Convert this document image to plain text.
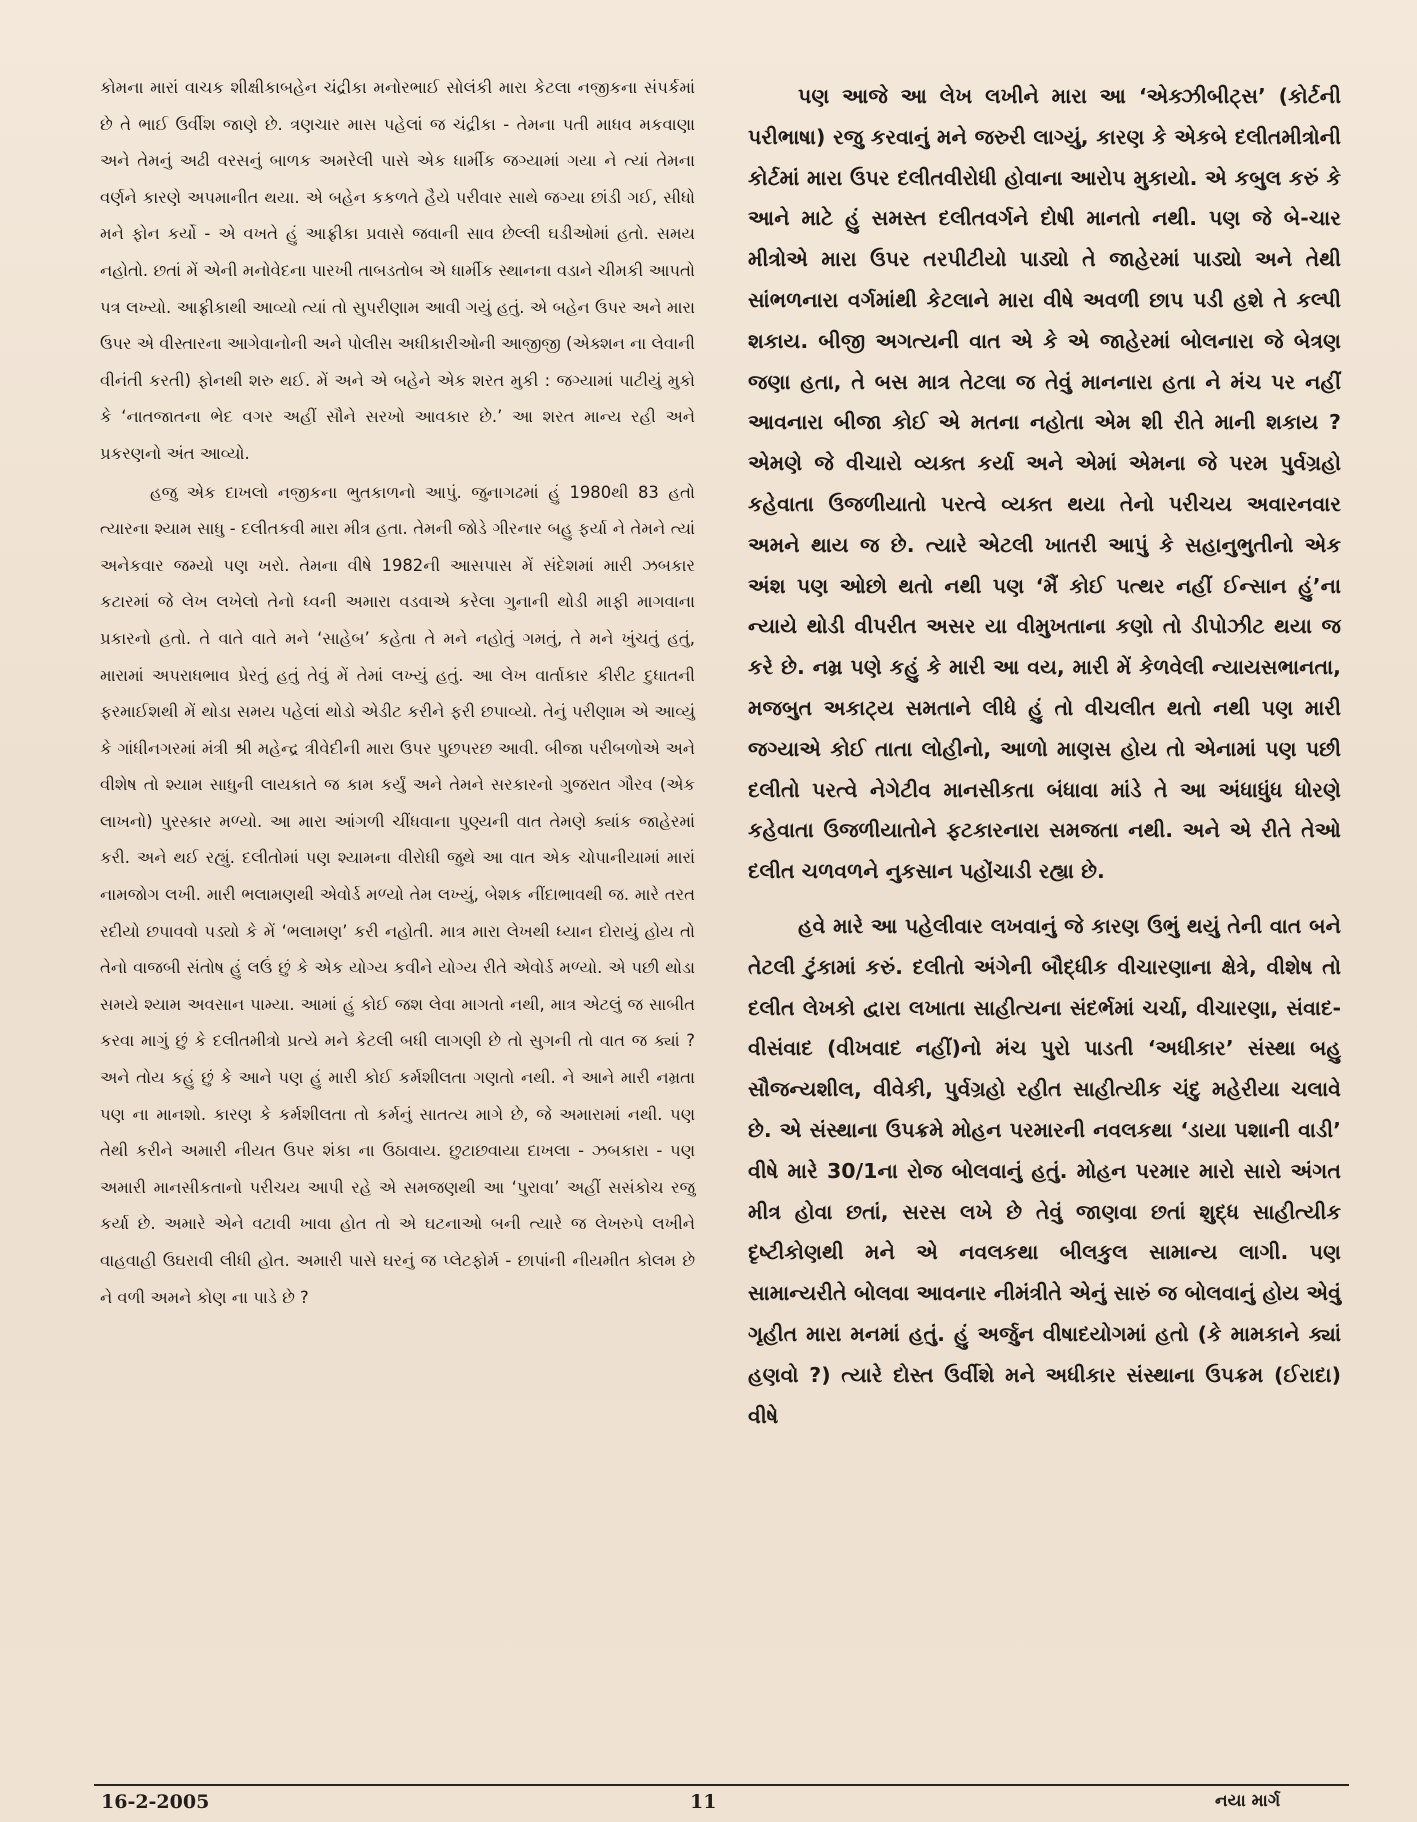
કોમના મારાં વાચક શીક્ષીકાબહેન ચંદ્રીકા મનોરભાઈ સોલંકી મારા કેટલા નજીકના સંપર્કમાં છે તે ભાઈ ઉર્વીશ જાણે છે. ત્રણચાર માસ પહેલાં જ ચંદ્રીકા - તેમના પતી માધવ મકવાણા અને તેમનું અઢી વરસનું બાળક અમરેલી પાસે એક ધાર્મીક જગ્યામાં ગયા ને ત્યાં તેમના વર્ણને કારણે અપમાનીત થયા. એ બહેન કકળતે હૈયે પરીવાર સાથે જગ્યા છાંડી ગઈ, સીધો મને ફોન કર્યો - એ વખતે હું આફ્રીકા પ્રવાસે જવાની સાવ છેલ્લી ઘડીઓમાં હતો. સમય નહોતો. છતાં મેં એની મનોવેદના પારખી તાબડતોબ એ ધાર્મીક સ્થાનના વડાને ચીમકી આપતો પત્ર લખ્યો. આફ્રીકાથી આવ્યો ત્યાં તો સુપરીણામ આવી ગયું હતું. એ બહેન ઉપર અને મારા ઉપર એ વીસ્તારના આગેવાનોની અને પોલીસ અધીકારીઓની આજીજી (એક્શન ના લેવાની વીનંતી કરતી) ફોનથી શરુ થઈ. મેં અને એ બહેને એક શરત મુકી : જગ્યામાં પાટીયું મુકો કે ‘નાતજાતના ભેદ વગર અહીં સૌને સરખો આવકાર છે.’ આ શરત માન્ય રહી અને પ્રકરણનો અંત આવ્યો.

હજુ એક દાખલો નજીકના ભુતકાળનો આપું. જુનાગઢમાં હું 1980થી 83 હતો ત્યારના શ્યામ સાધુ - દલીતકવી મારા મીત્ર હતા. તેમની જોડે ગીરનાર બહુ ફર્યા ને તેમને ત્યાં અનેકવાર જમ્યો પણ ખરો. તેમના વીષે 1982ની આસપાસ મેં સંદેશમાં મારી ઝબકાર કટારમાં જે લેખ લખેલો તેનો ધ્વની અમારા વડવાએ કરેલા ગુનાની થોડી માફી માગવાના પ્રકારનો હતો. તે વાતે વાતે મને ‘સાહેબ’ કહેતા તે મને નહોતું ગમતું, તે મને ખુંચતું હતું, મારામાં અપરાધભાવ પ્રેરતું હતું તેવું મેં તેમાં લખ્યું હતું. આ લેખ વાર્તાકાર કીરીટ દુધાતની ફરમાઈશથી મેં થોડા સમય પહેલાં થોડો એડીટ કરીને ફરી છપાવ્યો. તેનું પરીણામ એ આવ્યું કે ગાંધીનગરમાં મંત્રી શ્રી મહેન્દ્ર ત્રીવેદીની મારા ઉપર પુછપરછ આવી. બીજા પરીબળોએ અને વીશેષ તો શ્યામ સાધુની લાયકાતે જ કામ કર્યું અને તેમને સરકારનો ગુજરાત ગૌરવ (એક લાખનો) પુરસ્કાર મળ્યો. આ મારા આંગળી ચીંધવાના પુણ્યની વાત તેમણે ક્યાંક જાહેરમાં કરી. અને થઈ રહ્યું. દલીતોમાં પણ શ્યામના વીરોધી જુથે આ વાત એક ચોપાનીયામાં મારાં નામજોગ લખી. મારી ભલામણથી એવોર્ડ મળ્યો તેમ લખ્યું, બેશક નીંદાભાવથી જ. મારે તરત રદીયો છપાવવો પડ્યો કે મેં ‘ભલામણ’ કરી નહોતી. માત્ર મારા લેખથી ધ્યાન દોરાયું હોય તો તેનો વાજબી સંતોષ હું લઉં છું કે એક યોગ્ય કવીને યોગ્ય રીતે એવોર્ડ મળ્યો. એ પછી થોડા સમયે શ્યામ અવસાન પામ્યા. આમાં હું કોઈ જશ લેવા માગતો નથી, માત્ર એટલું જ સાબીત કરવા માગું છું કે દલીતમીત્રો પ્રત્યે મને કેટલી બધી લાગણી છે તો સુગની તો વાત જ ક્યાં ? અને તોય કહું છું કે આને પણ હું મારી કોઈ કર્મશીલતા ગણતો નથી. ને આને મારી નમ્રતા પણ ના માનશો. કારણ કે કર્મશીલતા તો કર્મનું સાતત્ય માગે છે, જે અમારામાં નથી. પણ તેથી કરીને અમારી નીયત ઉપર શંકા ના ઉઠાવાય. છુટાછવાયા દાખલા - ઝબકારા - પણ અમારી માનસીકતાનો પરીચય આપી રહે એ સમજણથી આ ‘પુરાવા’ અહીં સસંકોચ રજુ કર્યા છે. અમારે એને વટાવી ખાવા હોત તો એ ઘટનાઓ બની ત્યારે જ લેખરુપે લખીને વાહવાહી ઉઘરાવી લીધી હોત. અમારી પાસે ઘરનું જ પ્લેટફોર્મ - છાપાંની નીયમીત કોલમ છે ને વળી અમને કોણ ના પાડે છે ?

પણ આજે આ લેખ લખીને મારા આ ‘એક્ઝીબીટ્સ’ (કોર્ટની પરીભાષા) રજુ કરવાનું મને જરુરી લાગ્યું, કારણ કે એકબે દલીતમીત્રોની કોર્ટમાં મારા ઉપર દલીતવીરોધી હોવાના આરોપ મુકાયો. એ કબુલ કરું કે આને માટે હું સમસ્ત દલીતવર્ગને દોષી માનતો નથી. પણ જે બે-ચાર મીત્રોએ મારા ઉપર તરપીટીયો પાડ્યો તે જાહેરમાં પાડ્યો અને તેથી સાંભળનારા વર્ગમાંથી કેટલાને મારા વીષે અવળી છાપ પડી હશે તે કલ્પી શકાય. બીજી અગત્યની વાત એ કે એ જાહેરમાં બોલનારા જે બેત્રણ જણા હતા, તે બસ માત્ર તેટલા જ તેવું માનનારા હતા ને મંચ પર નહીં આવનારા બીજા કોઈ એ મતના નહોતા એમ શી રીતે માની શકાય ? એમણે જે વીચારો વ્યક્ત કર્યા અને એમાં એમના જે પરમ પુર્વગ્રહો કહેવાતા ઉજળીયાતો પરત્વે વ્યક્ત થયા તેનો પરીચય અવારનવાર અમને થાય જ છે. ત્યારે એટલી ખાતરી આપું કે સહાનુભુતીનો એક અંશ પણ ઓછો થતો નથી પણ ‘મૈં કોઈ પત્થર નહીં ઈન્સાન હું’ના ન્યાયે થોડી વીપરીત અસર યા વીમુખતાના કણો તો ડીપોઝીટ થયા જ કરે છે. નમ્ર પણે કહું કે મારી આ વય, મારી મેં કેળવેલી ન્યાયસભાનતા, મજબુત અકાટ્ય સમતાને લીધે હું તો વીચલીત થતો નથી પણ મારી જગ્યાએ કોઈ તાતા લોહીનો, આળો માણસ હોય તો એનામાં પણ પછી દલીતો પરત્વે નેગેટીવ માનસીકતા બંધાવા માંડે તે આ અંધાધુંધ ધોરણે કહેવાતા ઉજળીયાતોને ફટકારનારા સમજતા નથી. અને એ રીતે તેઓ દલીત ચળવળને નુકસાન પહોંચાડી રહ્યા છે.

હવે મારે આ પહેલીવાર લખવાનું જે કારણ ઉભું થયું તેની વાત બને તેટલી ટુંકામાં કરું. દલીતો અંગેની બૌદ્ધીક વીચારણાના ક્ષેત્રે, વીશેષ તો દલીત લેખકો દ્વારા લખાતા સાહીત્યના સંદર્ભમાં ચર્ચા, વીચારણા, સંવાદ-વીસંવાદ (વીખવાદ નહીં)નો મંચ પુરો પાડતી ‘અધીકાર’ સંસ્થા બહુ સૌજન્યશીલ, વીવેકી, પુર્વગ્રહો રહીત સાહીત્યીક ચંદુ મહેરીયા ચલાવે છે. એ સંસ્થાના ઉપક્રમે મોહન પરમારની નવલકથા ‘ડાયા પશાની વાડી’ વીષે મારે 30/1ના રોજ બોલવાનું હતું. મોહન પરમાર મારો સારો અંગત મીત્ર હોવા છતાં, સરસ લખે છે તેવું જાણવા છતાં શુદ્ધ સાહીત્યીક દૃષ્ટીકોણથી મને એ નવલકથા બીલકુલ સામાન્ય લાગી. પણ સામાન્યરીતે બોલવા આવનાર નીમંત્રીતે એનું સારું જ બોલવાનું હોય એવું ગૃહીત મારા મનમાં હતું. હું અર્જુન વીષાદયોગમાં હતો (કે મામકાને ક્યાં હણવો ?) ત્યારે દોસ્ત ઉર્વીશે મને અધીકાર સંસ્થાના ઉપક્રમ (ઈરાદા) વીષે

16-2-2005	11	નયા માર્ગ
